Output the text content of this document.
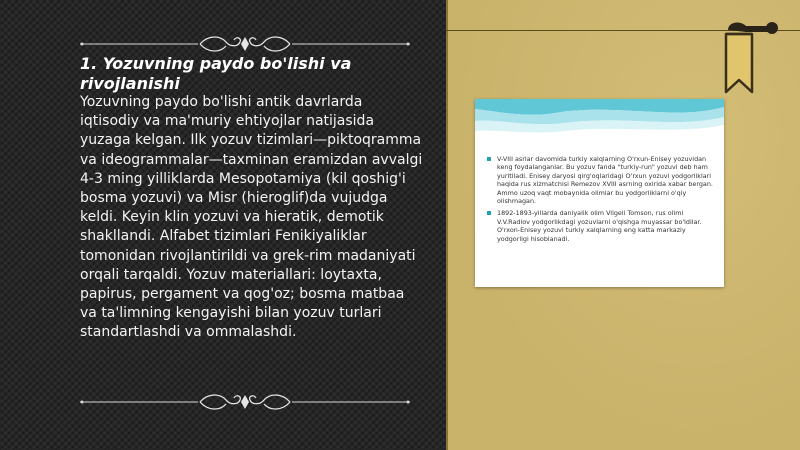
1. Yozuvning paydo bo'lishi va rivojlanishi

Yozuvning paydo bo'lishi antik davrlarda iqtisodiy va ma'muriy ehtiyojlar natijasida yuzaga kelgan. Ilk yozuv tizimlari—piktoqramma va ideogrammalar—taxminan eramizdan avvalgi 4-3 ming yilliklarda Mesopotamiya (kil qoshig'i bosma yozuvi) va Misr (hieroglif)da vujudga keldi. Keyin klin yozuvi va hieratik, demotik shakllandi. Alfabet tizimlari Fenikiyaliklar tomonidan rivojlantirildi va grek-rim madaniyati orqali tarqaldi. Yozuv materiallari: loytaxta, papirus, pergament va qog'oz; bosma matbaa va ta'limning kengayishi bilan yozuv turlari standartlashdi va ommalashdi.

V-VIII asrlar davomida turkiy xalqlarning O'rxun-Enisey yozuvidan keng foydalanganlar. Bu yozuv fanda "turkiy-run" yozuvi deb ham yuritiladi. Enisey daryosi qirg'oqlaridagi O'rxun yozuvi yodgorliklari haqida rus xizmatchisi Remezov XVIII asrning oxirida xabar bergan. Ammo uzoq vaqt mobaynida olimlar bu yodgorliklarni o'qiy olishmagan.
1892-1893-yillarda daniyalik olim Vilgeli Tomson, rus olimi V.V.Radlov yodgorlikdagi yozuvlarni o'qishga muyassar bo'ldilar. O'rxon-Enisey yozuvi turkiy xalqlarning eng katta markaziy yodgorligi hisoblanadi.
